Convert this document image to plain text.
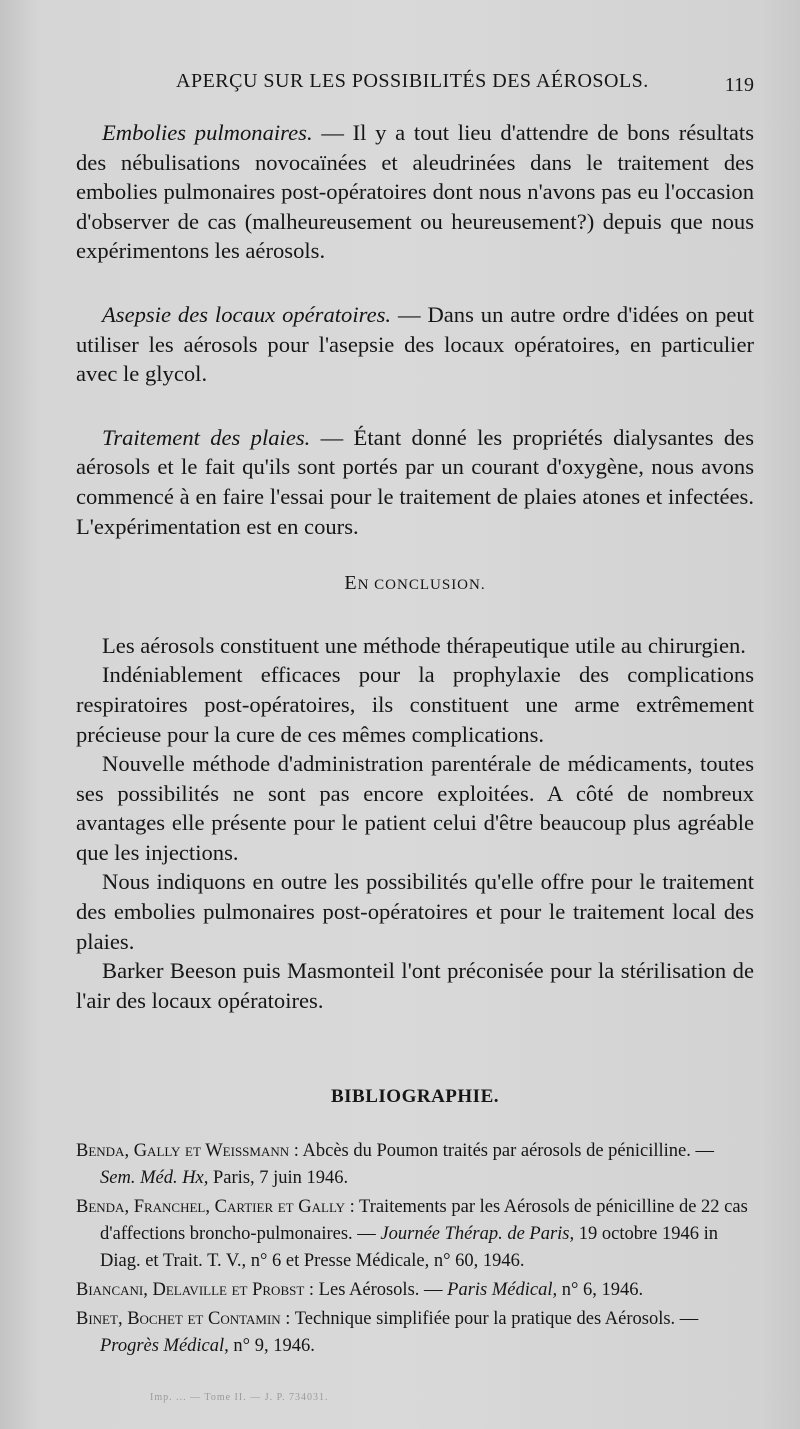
APERÇU SUR LES POSSIBILITÉS DES AÉROSOLS.	119

Embolies pulmonaires. — Il y a tout lieu d'attendre de bons résultats des nébulisations novocaïnées et aleudrinées dans le traitement des embolies pulmonaires post-opératoires dont nous n'avons pas eu l'occasion d'observer de cas (malheureusement ou heureusement?) depuis que nous expérimentons les aérosols.

Asepsie des locaux opératoires. — Dans un autre ordre d'idées on peut utiliser les aérosols pour l'asepsie des locaux opératoires, en particulier avec le glycol.

Traitement des plaies. — Étant donné les propriétés dialysantes des aérosols et le fait qu'ils sont portés par un courant d'oxygène, nous avons commencé à en faire l'essai pour le traitement de plaies atones et infectées. L'expérimentation est en cours.

EN CONCLUSION.

Les aérosols constituent une méthode thérapeutique utile au chirurgien.

Indéniablement efficaces pour la prophylaxie des complications respiratoires post-opératoires, ils constituent une arme extrêmement précieuse pour la cure de ces mêmes complications.

Nouvelle méthode d'administration parentérale de médicaments, toutes ses possibilités ne sont pas encore exploitées. A côté de nombreux avantages elle présente pour le patient celui d'être beaucoup plus agréable que les injections.

Nous indiquons en outre les possibilités qu'elle offre pour le traitement des embolies pulmonaires post-opératoires et pour le traitement local des plaies.

Barker Beeson puis Masmonteil l'ont préconisée pour la stérilisation de l'air des locaux opératoires.

BIBLIOGRAPHIE.

Benda, Gally et Weissmann : Abcès du Poumon traités par aérosols de pénicilline. — Sem. Méd. Hx, Paris, 7 juin 1946.

Benda, Franchel, Cartier et Gally : Traitements par les Aérosols de pénicilline de 22 cas d'affections broncho-pulmonaires. — Journée Thérap. de Paris, 19 octobre 1946 in Diag. et Trait. T. V., n° 6 et Presse Médicale, n° 60, 1946.

Biancani, Delaville et Probst : Les Aérosols. — Paris Médical, n° 6, 1946.

Binet, Bochet et Contamin : Technique simplifiée pour la pratique des Aérosols. — Progrès Médical, n° 9, 1946.

Imp. ... — Tome II. — J. P. 734031.
